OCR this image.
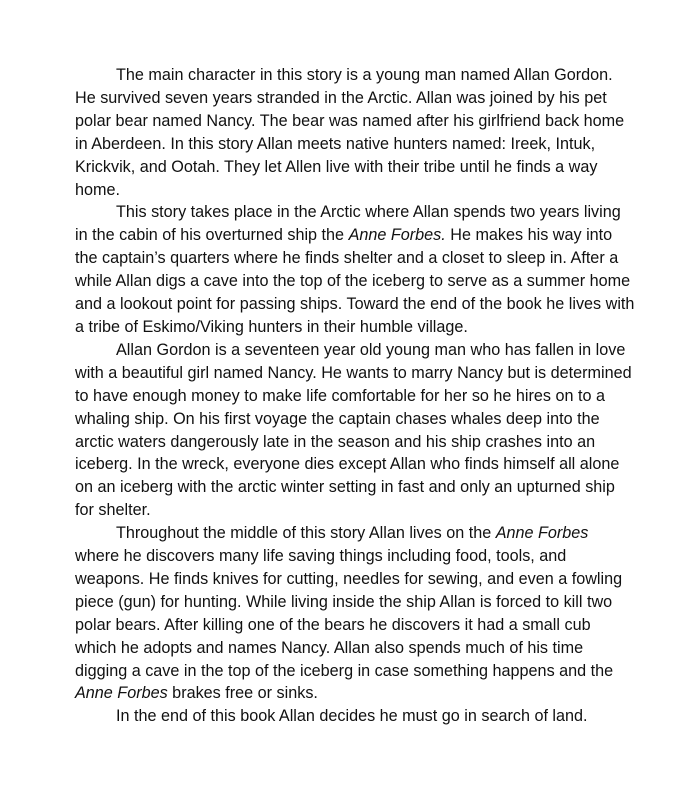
The main character in this story is a young man named Allan Gordon. He survived seven years stranded in the Arctic. Allan was joined by his pet polar bear named Nancy. The bear was named after his girlfriend back home in Aberdeen. In this story Allan meets native hunters named: Ireek, Intuk, Krickvik, and Ootah. They let Allen live with their tribe until he finds a way home.

This story takes place in the Arctic where Allan spends two years living in the cabin of his overturned ship the Anne Forbes. He makes his way into the captain’s quarters where he finds shelter and a closet to sleep in. After a while Allan digs a cave into the top of the iceberg to serve as a summer home and a lookout point for passing ships. Toward the end of the book he lives with a tribe of Eskimo/Viking hunters in their humble village.

Allan Gordon is a seventeen year old young man who has fallen in love with a beautiful girl named Nancy. He wants to marry Nancy but is determined to have enough money to make life comfortable for her so he hires on to a whaling ship. On his first voyage the captain chases whales deep into the arctic waters dangerously late in the season and his ship crashes into an iceberg. In the wreck, everyone dies except Allan who finds himself all alone on an iceberg with the arctic winter setting in fast and only an upturned ship for shelter.

Throughout the middle of this story Allan lives on the Anne Forbes where he discovers many life saving things including food, tools, and weapons. He finds knives for cutting, needles for sewing, and even a fowling piece (gun) for hunting. While living inside the ship Allan is forced to kill two polar bears. After killing one of the bears he discovers it had a small cub which he adopts and names Nancy. Allan also spends much of his time digging a cave in the top of the iceberg in case something happens and the Anne Forbes brakes free or sinks.

In the end of this book Allan decides he must go in search of land.
